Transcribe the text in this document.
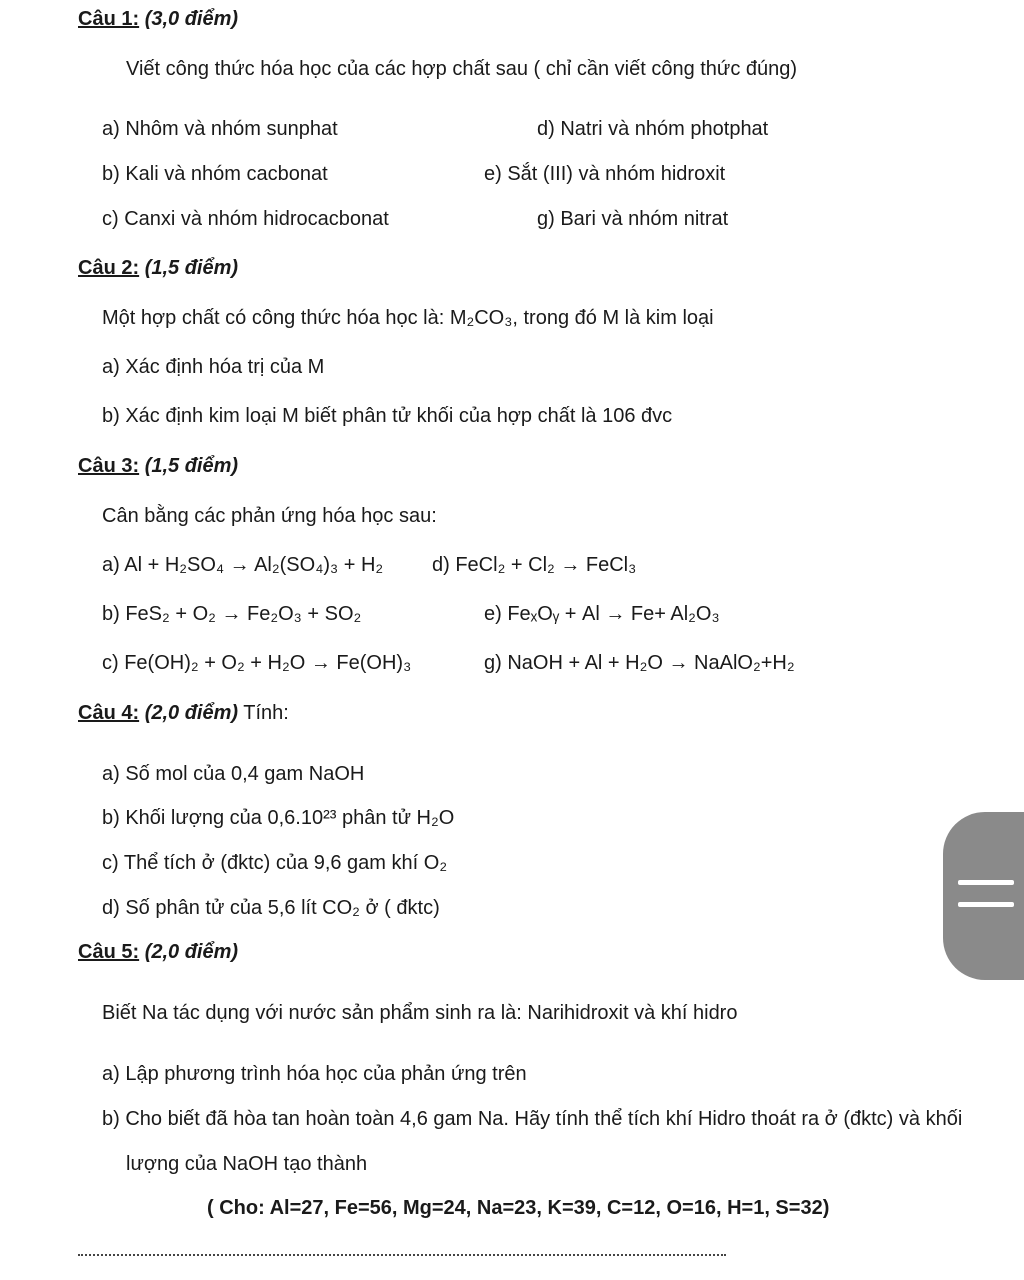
Câu 1: (3,0 điểm)
Viết công thức hóa học của các hợp chất sau ( chỉ cần viết công thức đúng)
a) Nhôm và nhóm sunphat	d) Natri và nhóm photphat
b) Kali và nhóm cacbonat	e) Sắt (III) và nhóm hidroxit
c) Canxi và nhóm hidrocacbonat	g) Bari và nhóm nitrat
Câu 2: (1,5 điểm)
Một hợp chất có công thức hóa học là: M₂CO₃, trong đó M là kim loại
a) Xác định hóa trị của M
b) Xác định kim loại M biết phân tử khối của hợp chất là 106 đvc
Câu 3: (1,5 điểm)
Cân bằng các phản ứng hóa học sau:
a) Al + H₂SO₄ → Al₂(SO₄)₃ + H₂ d) FeCl₂ + Cl₂ → FeCl₃
b) FeS₂ + O₂ → Fe₂O₃ + SO₂	e) FeₓOᵧ + Al → Fe+ Al₂O₃
c) Fe(OH)₂ + O₂ + H₂O → Fe(OH)₃	g) NaOH + Al + H₂O → NaAlO₂+H₂
Câu 4: (2,0 điểm) Tính:
a) Số mol của 0,4 gam NaOH
b) Khối lượng của 0,6.10²³ phân tử H₂O
c) Thể tích ở (đktc) của 9,6 gam khí O₂
d) Số phân tử của 5,6 lít CO₂ ở ( đktc)
Câu 5: (2,0 điểm)
Biết Na tác dụng với nước sản phẩm sinh ra là: Narihidroxit và khí hidro
a) Lập phương trình hóa học của phản ứng trên
b) Cho biết đã hòa tan hoàn toàn 4,6 gam Na. Hãy tính thể tích khí Hidro thoát ra ở (đktc) và khối
lượng của NaOH tạo thành
( Cho: Al=27, Fe=56, Mg=24, Na=23, K=39, C=12, O=16, H=1, S=32)
